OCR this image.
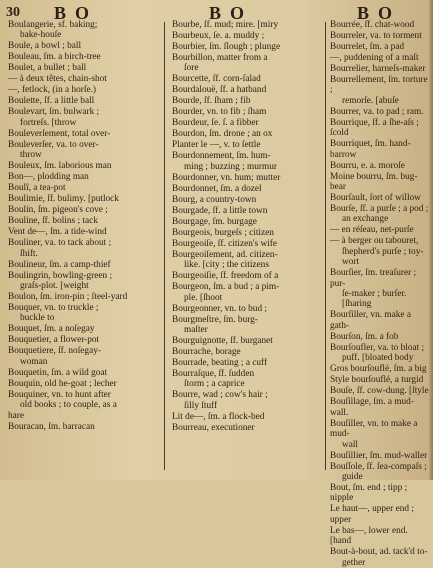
30 BO	BO	BO
Boulangerie, sf. baking;
bake-houſe
Boule, a bowl ; ball
Bouleau, ſm. a birch-tree
Boulet, a bullet ; ball
— à deux têtes, chain-shot
—, fetlock, (in a horſe.)
Boulette, ſf. a little ball
Boulevart, ſm. bulwark ;
fortreſs. [throw
Bouleverſement, total over-
Bouleverſer, va. to over-
throw
Bouleux, ſm. laborious man
Bon—, plodding man
Boulî, a tea-pot
Boulimie, ſf. bulimy. [putlock
Boulin, ſm. pigeon's cove ;
Bouline, ſf. bolins ; tack
Vent de—, ſm. a tide-wind
Bouliner, va. to tack about ;
ſhift.
Boulineur, ſm. a camp-thief
Boulingrin, bowling-green ;
graſs-plot. [weight
Boulon, ſm. iron-pin ; ſteel-yard
Bouquer, vn. to truckle ;
buckle to
Bouquet, ſm. a noſegay
Bouquetier, a flower-pot
Bouquetiere, ſf. noſegay-
woman
Bouquetin, ſm. a wild goat
Bouquin, old he-goat ; lecher
Bouquiner, vn. to hunt after
old books ; to couple, as a
hare
Bouracan, ſm. barracan
Bourbe, ſf. mud; mire. [miry
Bourbeux, ſe. a. muddy ;
Bourbier, ſm. ſlough ; plunge
Bourbillon, matter from a
ſore
Bourcette, ſf. corn-ſalad
Bourdalouë, ſf. a hatband
Bourde, ſf. ſham ; fib
Bourder, vn. to fib ; ſham
Bourdeur, ſe. ſ. a fibber
Bourdon, ſm. drone ; an ox
Planter le —, v. to ſettle
Bourdonnement, ſm. hum-
ming ; buzzing ; murmur
Bourdonner, vn. hum; mutter
Bourdonnet, ſm. a dozel
Bourg, a country-town
Bourgade, ſf. a little town
Bourgage, ſm. burgage
Bourgeois, burgeſs ; citizen
Bourgeoiſe, ſf. citizen's wife
Bourgeoiſement, ad. citizen-
like. [city ; the citizens
Bourgeoiſie, ſf. freedom of a
Bourgeon, ſm. a bud ; a pim-
ple. [ſhoot
Bourgeonner, vn. to bud ;
Bourgmeſtre, ſm. burg-
maſter
Bourguignotte, ſf. burganet
Bourrache, borage
Bourrade, beating ; a cuff
Bourraſque, ſf. ſudden
ſtorm ; a caprice
Bourre, wad ; cow's hair ;
ſilly ſtuff
Lit de—, ſm. a flock-bed
Bourreau, executioner
Bourrée, ſf. chat-wood
Bourreler, va. to torment
Bourrelet, ſm. a pad
—, puddening of a maſt
Bourrelier, harneſs-maker
Bourrellement, ſm. torture ;
remorſe. [abuſe
Bourrer, va. to pad ; ram.
Bourrique, ſf. a ſhe-aſs ; ſcold
Bourriquet, ſm. hand-barrow
Bourru, e. a. moroſe
Moine bourru, ſm. bug-bear
Bourſault, ſort of willow
Bourſe, ſf. a purſe ; a pod ;
an exchange
— en réſeau, net-purſe
— à berger ou tabouret,
ſhepherd's purſe ; toy-wort
Bourſier, ſm. treaſurer ; pur-
ſe-maker ; burſer. [ſharing
Bourſiller, vn. make a gath-
Bourſon, ſm. a fob
Bourſoufler, va. to bloat ;
puff. [bloated body
Gros bourſouflé, ſm. a big
Style bourſouflé, a turgid
Bouſe, ſf. cow-dung. [ſtyle
Bouſillage, ſm. a mud-wall.
Bouſiller, vn. to make a mud-
wall
Bouſillier, ſm. mud-waller
Bouſſole, ſf. ſea-compaſs ;
guide
Bout, ſm. end ; tipp ; nipple
Le haut—, upper end ; upper
Le bas—, lower end. [hand
Bout-à-bout, ad. tack'd to-
gether
